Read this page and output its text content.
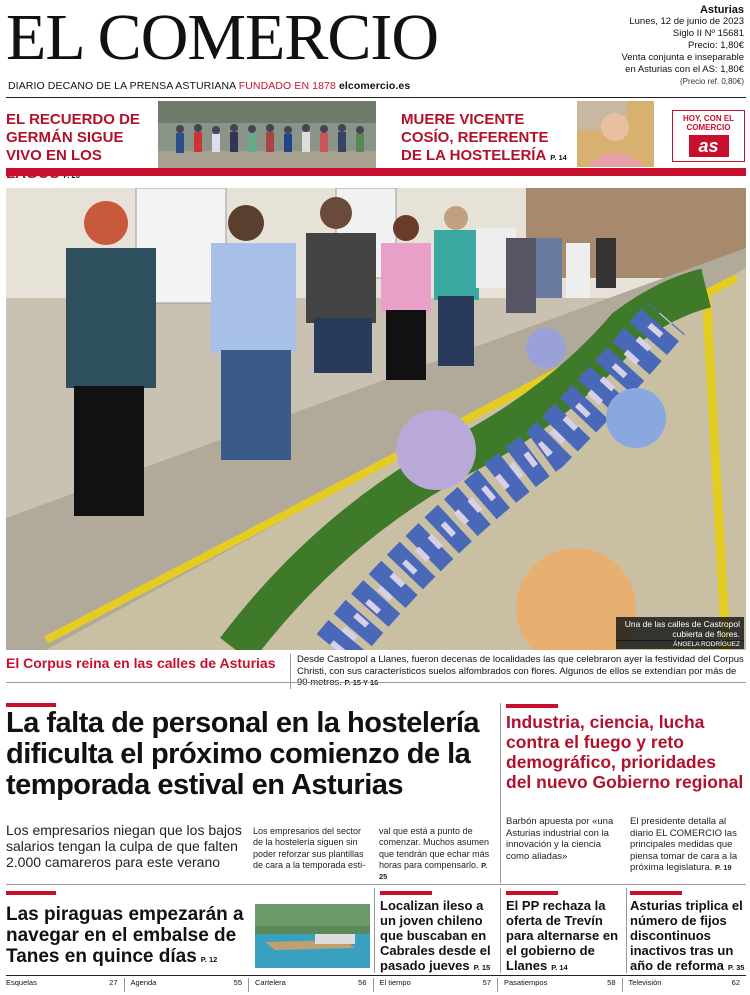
EL COMERCIO
DIARIO DECANO DE LA PRENSA ASTURIANA FUNDADO EN 1878 elcomercio.es
Asturias
Lunes, 12 de junio de 2023
Siglo II Nº 15681
Precio: 1,80€
Venta conjunta e inseparable
en Asturias con el AS: 1,80€
(Precio ref. 0,80€)
EL RECUERDO DE GERMÁN SIGUE VIVO EN LOS
MUERE VICENTE COSÍO, REFERENTE DE LA HOSTELERÍA P. 14
HOY, CON EL COMERCIO
as
Una de las calles de Castropol
cubierta de flores.
ÁNGELA RODRÍGUEZ
El Corpus reina en las calles de Asturias	Desde Castropol a Llanes, fueron decenas de localidades las que celebraron ayer la festividad del Corpus Christi, con sus característicos suelos alfombrados con flores. Algunos de ellos se extendían por más de
La falta de personal en la hostelería dificulta el próximo comienzo de la temporada estival en Asturias
Los empresarios niegan que los bajos salarios tengan la culpa de que falten 2.000 camareros para este verano
Los empresarios del sector de la hostelería siguen sin poder reforzar sus plantillas de cara a la temporada esti-
val que está a punto de comenzar. Muchos asumen que tendrán que echar más horas para compensarlo. P. 25
Industria, ciencia, lucha contra el fuego y reto demográfico, prioridades del nuevo Gobierno regional
Barbón apuesta por «una Asturias industrial con la innovación y la ciencia como aliadas»
El presidente detalla al diario EL COMERCIO las principales medidas que piensa tomar de cara a la próxima legislatura. P. 19
Las piraguas empezarán a navegar en el embalse de Tanes en quince días P. 12
Localizan ileso a un joven chileno que buscaban en Cabrales desde el pasado jueves P. 15
El PP rechaza la oferta de Trevín para alternarse en el gobierno de Llanes P. 14
Asturias triplica el número de fijos discontinuos inactivos tras un año de reforma P. 35
Esquelas	27 Agenda	55 Cartelera	56 El tiempo	57 Pasatiempos	58 Televisión	62
